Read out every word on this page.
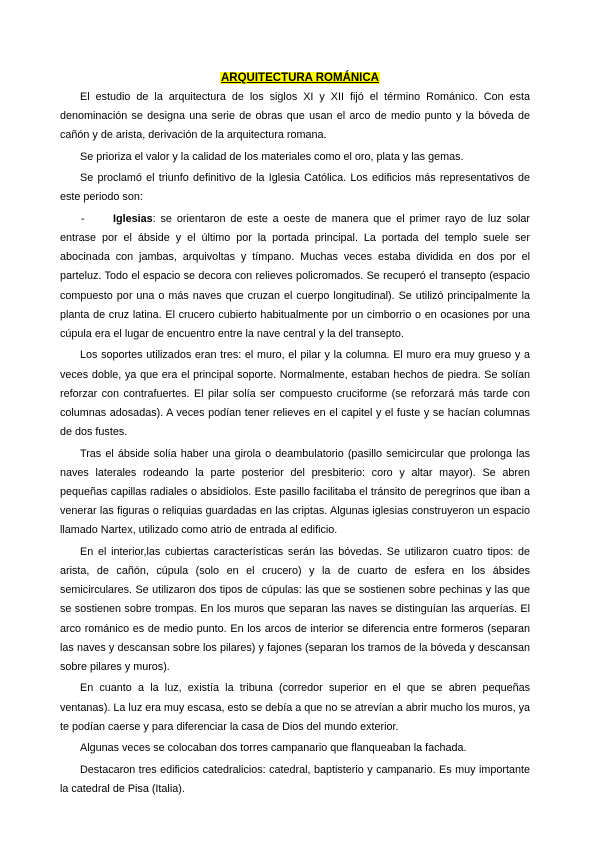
ARQUITECTURA ROMÁNICA

El estudio de la arquitectura de los siglos XI y XII fijó el término Románico. Con esta denominación se designa una serie de obras que usan el arco de medio punto y la bóveda de cañón y de arista, derivación de la arquitectura romana.

Se prioriza el valor y la calidad de los materiales como el oro, plata y las gemas.

Se proclamó el triunfo definitivo de la Iglesia Católica. Los edificios más representativos de este periodo son:

-	Iglesias: se orientaron de este a oeste de manera que el primer rayo de luz solar entrase por el ábside y el último por la portada principal. La portada del templo suele ser abocinada con jambas, arquivoltas y tímpano. Muchas veces estaba dividida en dos por el parteluz. Todo el espacio se decora con relieves policromados. Se recuperó el transepto (espacio compuesto por una o más naves que cruzan el cuerpo longitudinal). Se utilizó principalmente la planta de cruz latina. El crucero cubierto habitualmente por un cimborrio o en ocasiones por una cúpula era el lugar de encuentro entre la nave central y la del transepto.

Los soportes utilizados eran tres: el muro, el pilar y la columna. El muro era muy grueso y a veces doble, ya que era el principal soporte. Normalmente, estaban hechos de piedra. Se solían reforzar con contrafuertes. El pilar solía ser compuesto cruciforme (se reforzará más tarde con columnas adosadas). A veces podían tener relieves en el capitel y el fuste y se hacían columnas de dos fustes.

Tras el ábside solía haber una girola o deambulatorio (pasillo semicircular que prolonga las naves laterales rodeando la parte posterior del presbiterio: coro y altar mayor). Se abren pequeñas capillas radiales o absidiolos. Este pasillo facilitaba el tránsito de peregrinos que iban a venerar las figuras o reliquias guardadas en las criptas. Algunas iglesias construyeron un espacio llamado Nartex, utilizado como atrio de entrada al edificio.

En el interior,las cubiertas características serán las bóvedas. Se utilizaron cuatro tipos: de arista, de cañón, cúpula (solo en el crucero) y la de cuarto de esfera en los ábsides semicirculares. Se utilizaron dos tipos de cúpulas: las que se sostienen sobre pechinas y las que se sostienen sobre trompas. En los muros que separan las naves se distinguían las arquerías. El arco románico es de medio punto. En los arcos de interior se diferencia entre formeros (separan las naves y descansan sobre los pilares) y fajones (separan los tramos de la bóveda y descansan sobre pilares y muros).

En cuanto a la luz, existía la tribuna (corredor superior en el que se abren pequeñas ventanas). La luz era muy escasa, esto se debía a que no se atrevían a abrir mucho los muros, ya te podían caerse y para diferenciar la casa de Dios del mundo exterior.

Algunas veces se colocaban dos torres campanario que flanqueaban la fachada.

Destacaron tres edificios catedralicios: catedral, baptisterio y campanario. Es muy importante la catedral de Pisa (Italia).
